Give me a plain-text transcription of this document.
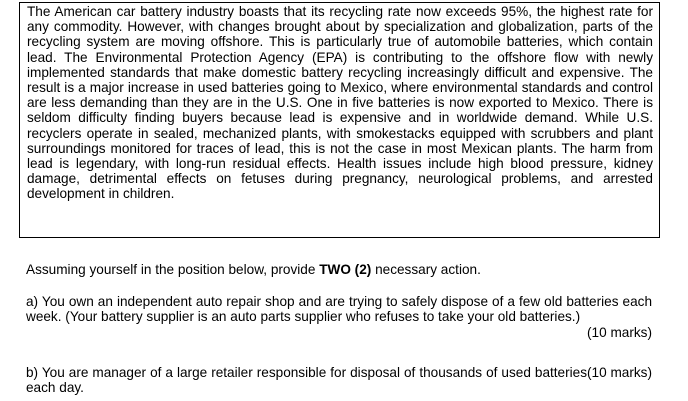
The American car battery industry boasts that its recycling rate now exceeds 95%, the highest rate for any commodity. However, with changes brought about by specialization and globalization, parts of the recycling system are moving offshore. This is particularly true of automobile batteries, which contain lead. The Environmental Protection Agency (EPA) is contributing to the offshore flow with newly implemented standards that make domestic battery recycling increasingly difficult and expensive. The result is a major increase in used batteries going to Mexico, where environmental standards and control are less demanding than they are in the U.S. One in five batteries is now exported to Mexico. There is seldom difficulty finding buyers because lead is expensive and in worldwide demand. While U.S. recyclers operate in sealed, mechanized plants, with smokestacks equipped with scrubbers and plant surroundings monitored for traces of lead, this is not the case in most Mexican plants. The harm from lead is legendary, with long-run residual effects. Health issues include high blood pressure, kidney damage, detrimental effects on fetuses during pregnancy, neurological problems, and arrested development in children.

Assuming yourself in the position below, provide TWO (2) necessary action.

a) You own an independent auto repair shop and are trying to safely dispose of a few old batteries each week. (Your battery supplier is an auto parts supplier who refuses to take your old batteries.)
(10 marks)
(10 marks)
b) You are manager of a large retailer responsible for disposal of thousands of used batteries each day.
